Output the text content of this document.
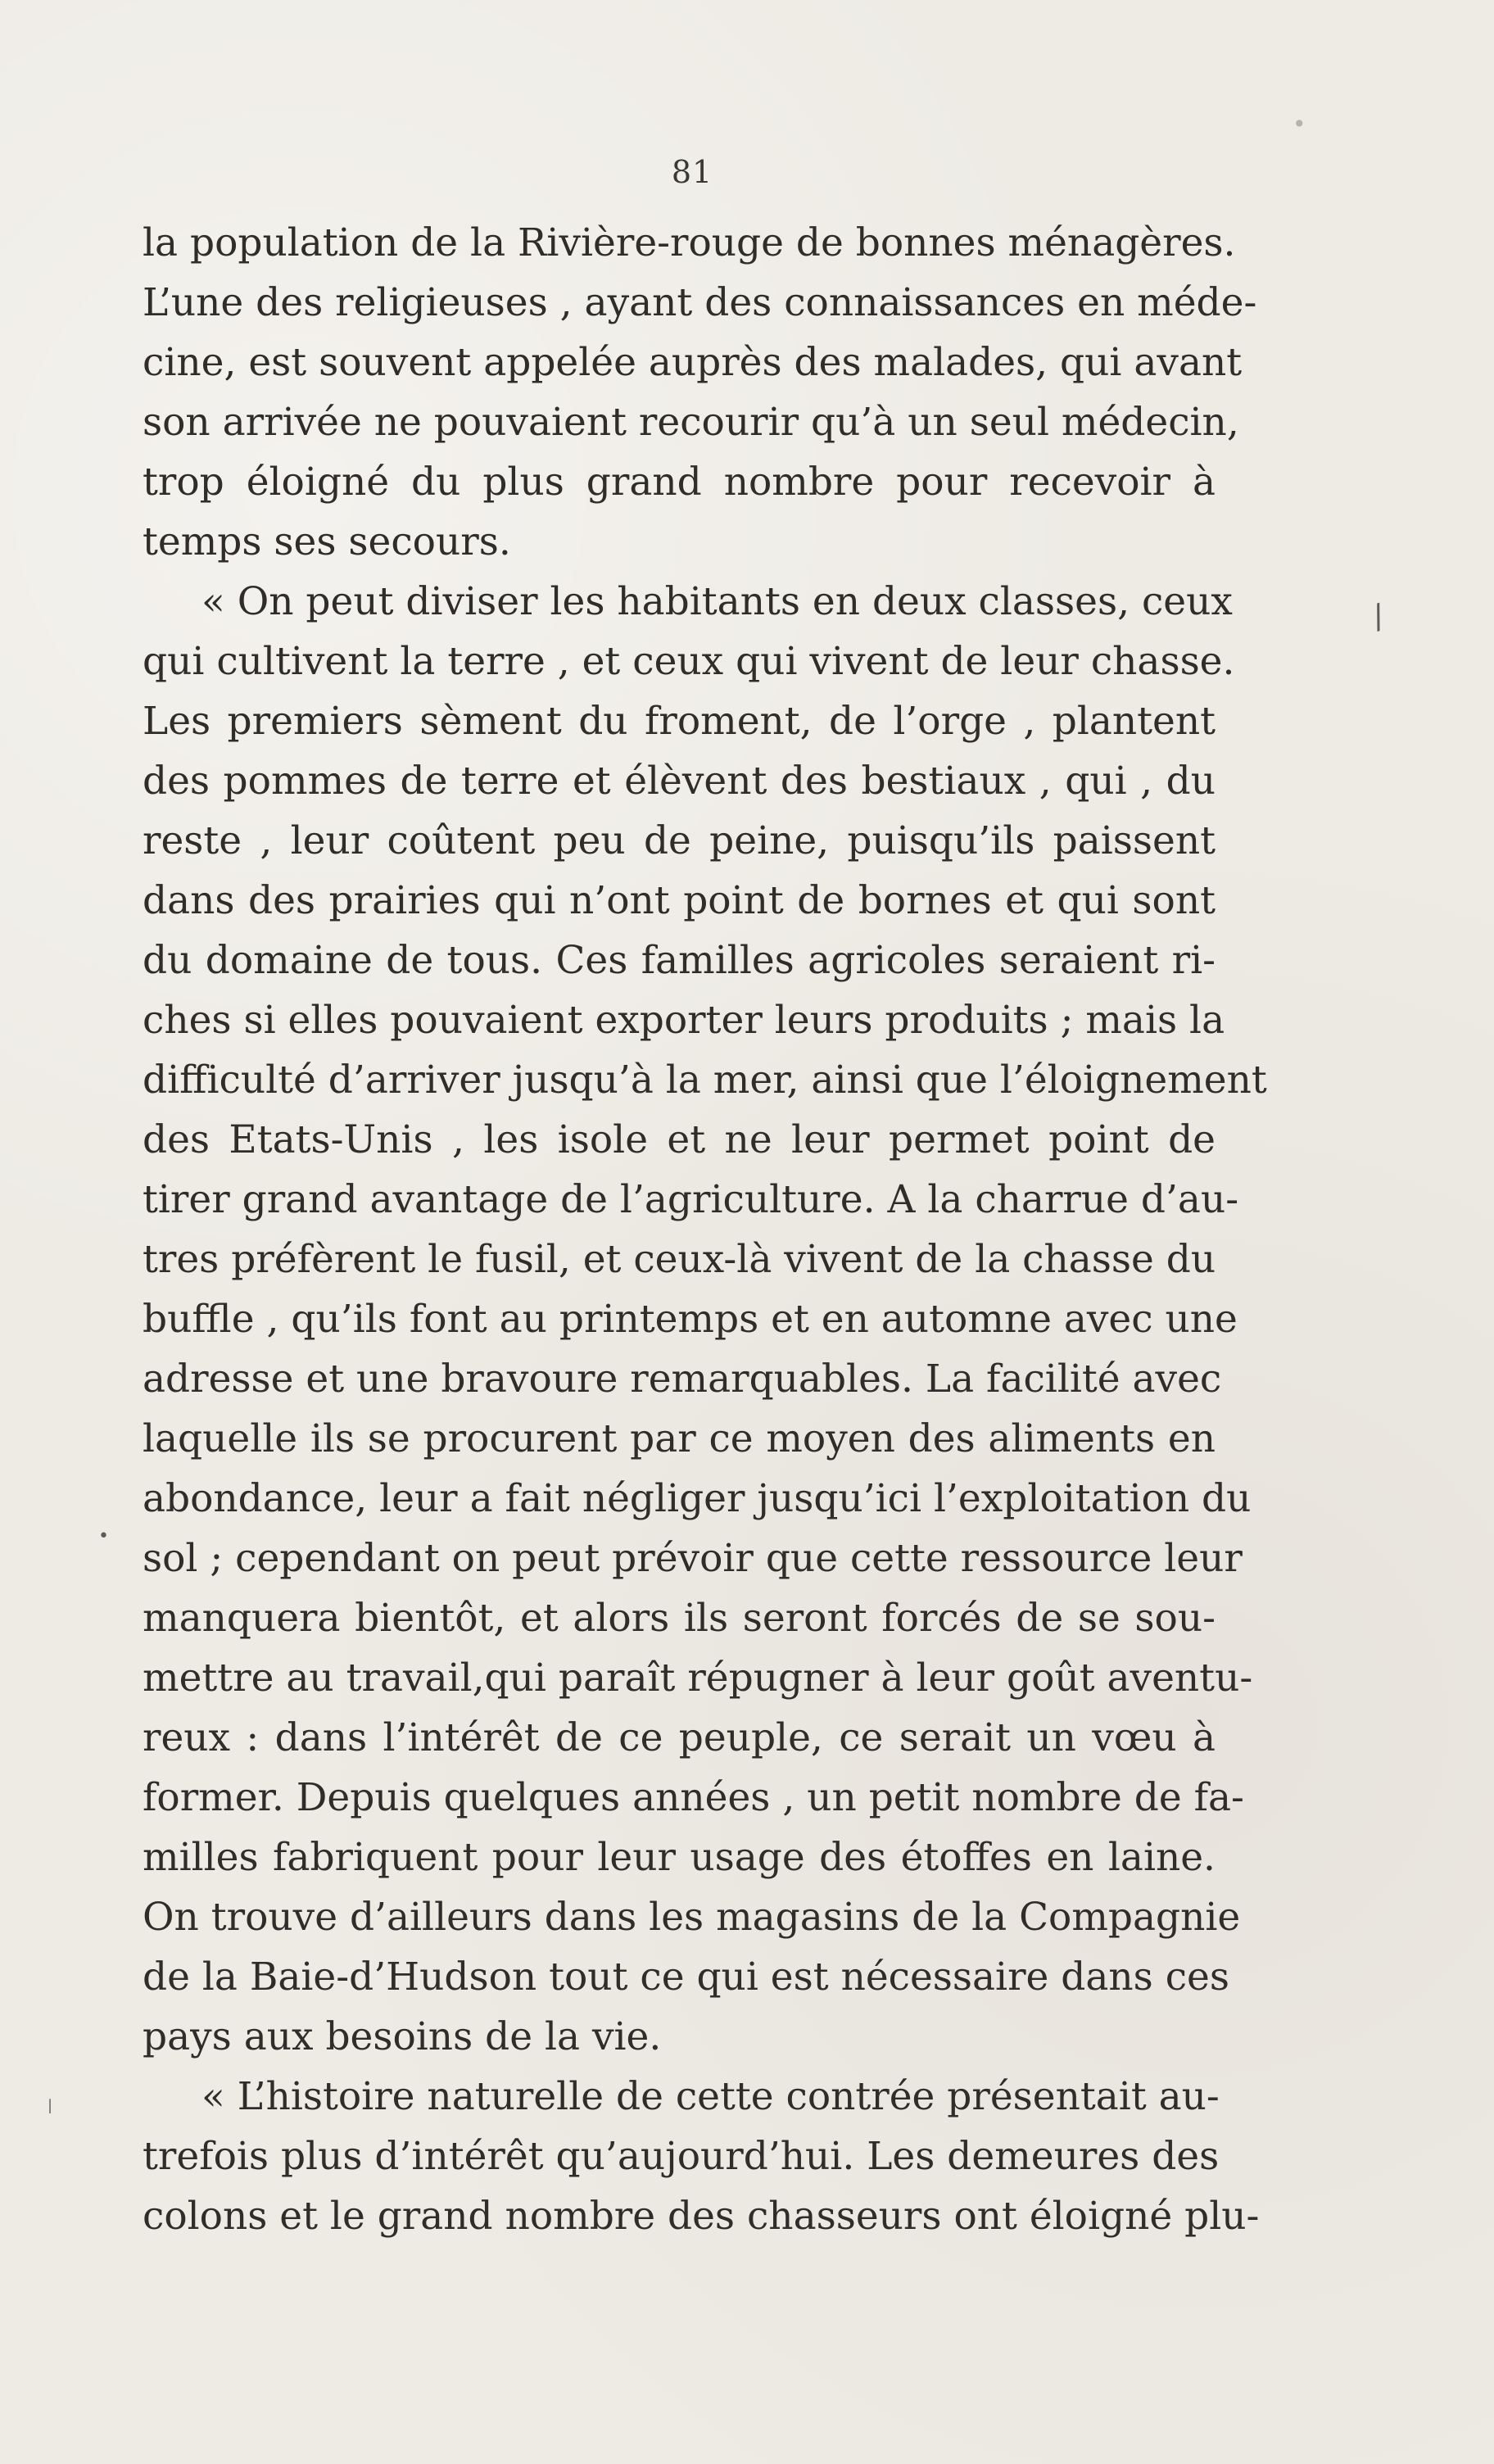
81
•
/
•
|
la population de la Rivière-rouge de bonnes ménagères.
L’une des religieuses , ayant des connaissances en méde-
cine, est souvent appelée auprès des malades, qui avant
son arrivée ne pouvaient recourir qu’à un seul médecin,
trop éloigné du plus grand nombre pour recevoir à
temps ses secours.
« On peut diviser les habitants en deux classes, ceux
qui cultivent la terre , et ceux qui vivent de leur chasse.
Les premiers sèment du froment, de l’orge , plantent
des pommes de terre et élèvent des bestiaux , qui , du
reste , leur coûtent peu de peine, puisqu’ils paissent
dans des prairies qui n’ont point de bornes et qui sont
du domaine de tous. Ces familles agricoles seraient ri-
ches si elles pouvaient exporter leurs produits ; mais la
difficulté d’arriver jusqu’à la mer, ainsi que l’éloignement
des Etats-Unis , les isole et ne leur permet point de
tirer grand avantage de l’agriculture. A la charrue d’au-
tres préfèrent le fusil, et ceux-là vivent de la chasse du
buffle , qu’ils font au printemps et en automne avec une
adresse et une bravoure remarquables. La facilité avec
laquelle ils se procurent par ce moyen des aliments en
abondance, leur a fait négliger jusqu’ici l’exploitation du
sol ; cependant on peut prévoir que cette ressource leur
manquera bientôt, et alors ils seront forcés de se sou-
mettre au travail,qui paraît répugner à leur goût aventu-
reux : dans l’intérêt de ce peuple, ce serait un vœu à
former. Depuis quelques années , un petit nombre de fa-
milles fabriquent pour leur usage des étoffes en laine.
On trouve d’ailleurs dans les magasins de la Compagnie
de la Baie-d’Hudson tout ce qui est nécessaire dans ces
pays aux besoins de la vie.
« L’histoire naturelle de cette contrée présentait au-
trefois plus d’intérêt qu’aujourd’hui. Les demeures des
colons et le grand nombre des chasseurs ont éloigné plu-
